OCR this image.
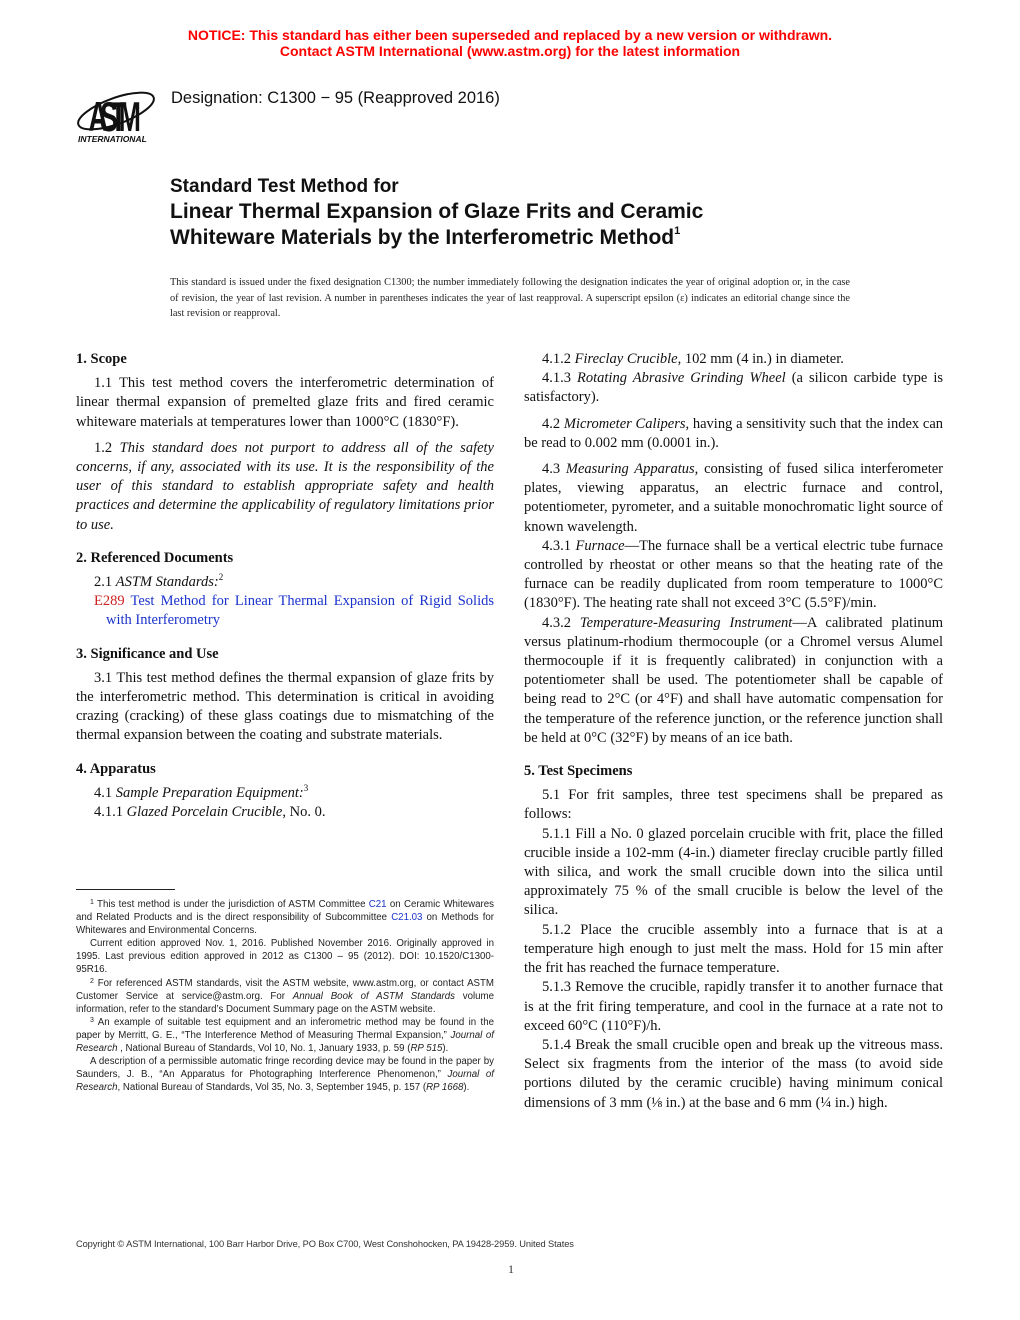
NOTICE: This standard has either been superseded and replaced by a new version or withdrawn.
Contact ASTM International (www.astm.org) for the latest information
ASTM
INTERNATIONAL
Designation: C1300 − 95 (Reapproved 2016)
Standard Test Method for
Linear Thermal Expansion of Glaze Frits and Ceramic
Whiteware Materials by the Interferometric Method$^1$
This standard is issued under the fixed designation C1300; the number immediately following the designation indicates the year of original adoption or, in the case of revision, the year of last revision. A number in parentheses indicates the year of last reapproval. A superscript epsilon (ε) indicates an editorial change since the last revision or reapproval.
1. Scope

1.1 This test method covers the interferometric determination of linear thermal expansion of premelted glaze frits and fired ceramic whiteware materials at temperatures lower than 1000°C (1830°F).

1.2 This standard does not purport to address all of the safety concerns, if any, associated with its use. It is the responsibility of the user of this standard to establish appropriate safety and health practices and determine the applicability of regulatory limitations prior to use.

2. Referenced Documents

2.1 ASTM Standards:$^2$

E289 Test Method for Linear Thermal Expansion of Rigid Solids with Interferometry

3. Significance and Use

3.1 This test method defines the thermal expansion of glaze frits by the interferometric method. This determination is critical in avoiding crazing (cracking) of these glass coatings due to mismatching of the thermal expansion between the coating and substrate materials.

4. Apparatus

4.1 Sample Preparation Equipment:$^3$

4.1.1 Glazed Porcelain Crucible, No. 0.

$^1$ This test method is under the jurisdiction of ASTM Committee C21 on Ceramic Whitewares and Related Products and is the direct responsibility of Subcommittee C21.03 on Methods for Whitewares and Environmental Concerns.

Current edition approved Nov. 1, 2016. Published November 2016. Originally approved in 1995. Last previous edition approved in 2012 as C1300 – 95 (2012). DOI: 10.1520/C1300-95R16.

$^2$ For referenced ASTM standards, visit the ASTM website, www.astm.org, or contact ASTM Customer Service at service@astm.org. For Annual Book of ASTM Standards volume information, refer to the standard’s Document Summary page on the ASTM website.

$^3$ An example of suitable test equipment and an inferometric method may be found in the paper by Merritt, G. E., “The Interference Method of Measuring Thermal Expansion,” Journal of Research , National Bureau of Standards, Vol 10, No. 1, January 1933, p. 59 (RP 515).

A description of a permissible automatic fringe recording device may be found in the paper by Saunders, J. B., “An Apparatus for Photographing Interference Phenomenon,” Journal of Research, National Bureau of Standards, Vol 35, No. 3, September 1945, p. 157 (RP 1668).

4.1.2 Fireclay Crucible, 102 mm (4 in.) in diameter.

4.1.3 Rotating Abrasive Grinding Wheel (a silicon carbide type is satisfactory).

4.2 Micrometer Calipers, having a sensitivity such that the index can be read to 0.002 mm (0.0001 in.).

4.3 Measuring Apparatus, consisting of fused silica interferometer plates, viewing apparatus, an electric furnace and control, potentiometer, pyrometer, and a suitable monochromatic light source of known wavelength.

4.3.1 Furnace—The furnace shall be a vertical electric tube furnace controlled by rheostat or other means so that the heating rate of the furnace can be readily duplicated from room temperature to 1000°C (1830°F). The heating rate shall not exceed 3°C (5.5°F)/min.

4.3.2 Temperature-Measuring Instrument—A calibrated platinum versus platinum-rhodium thermocouple (or a Chromel versus Alumel thermocouple if it is frequently calibrated) in conjunction with a potentiometer shall be used. The potentiometer shall be capable of being read to 2°C (or 4°F) and shall have automatic compensation for the temperature of the reference junction, or the reference junction shall be held at 0°C (32°F) by means of an ice bath.

5. Test Specimens

5.1 For frit samples, three test specimens shall be prepared as follows:

5.1.1 Fill a No. 0 glazed porcelain crucible with frit, place the filled crucible inside a 102-mm (4-in.) diameter fireclay crucible partly filled with silica, and work the small crucible down into the silica until approximately 75 % of the small crucible is below the level of the silica.

5.1.2 Place the crucible assembly into a furnace that is at a temperature high enough to just melt the mass. Hold for 15 min after the frit has reached the furnace temperature.

5.1.3 Remove the crucible, rapidly transfer it to another furnace that is at the frit firing temperature, and cool in the furnace at a rate not to exceed 60°C (110°F)/h.

5.1.4 Break the small crucible open and break up the vitreous mass. Select six fragments from the interior of the mass (to avoid side portions diluted by the ceramic crucible) having minimum conical dimensions of 3 mm (⅛ in.) at the base and 6 mm (¼ in.) high.

Copyright © ASTM International, 100 Barr Harbor Drive, PO Box C700, West Conshohocken, PA 19428-2959. United States
1
